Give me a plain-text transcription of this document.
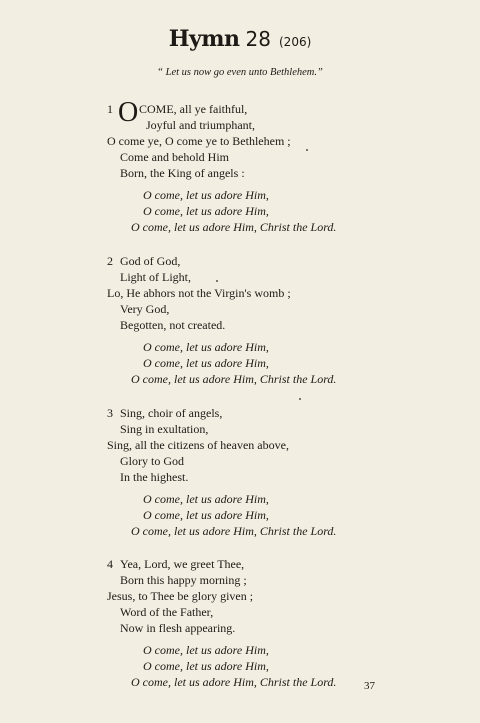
Hymn 28 (206)
“ Let us now go even unto Bethlehem.”
1 O COME, all ye faithful,
Joyful and triumphant,
O come ye, O come ye to Bethlehem ;
Come and behold Him
Born, the King of angels :
O come, let us adore Him,
O come, let us adore Him,
O come, let us adore Him, Christ the Lord.
2 God of God,
Light of Light,
Lo, He abhors not the Virgin's womb ;
Very God,
Begotten, not created.
O come, let us adore Him,
O come, let us adore Him,
O come, let us adore Him, Christ the Lord.
3 Sing, choir of angels,
Sing in exultation,
Sing, all the citizens of heaven above,
Glory to God
In the highest.
O come, let us adore Him,
O come, let us adore Him,
O come, let us adore Him, Christ the Lord.
4 Yea, Lord, we greet Thee,
Born this happy morning ;
Jesus, to Thee be glory given ;
Word of the Father,
Now in flesh appearing.
O come, let us adore Him,
O come, let us adore Him,
O come, let us adore Him, Christ the Lord.	37
